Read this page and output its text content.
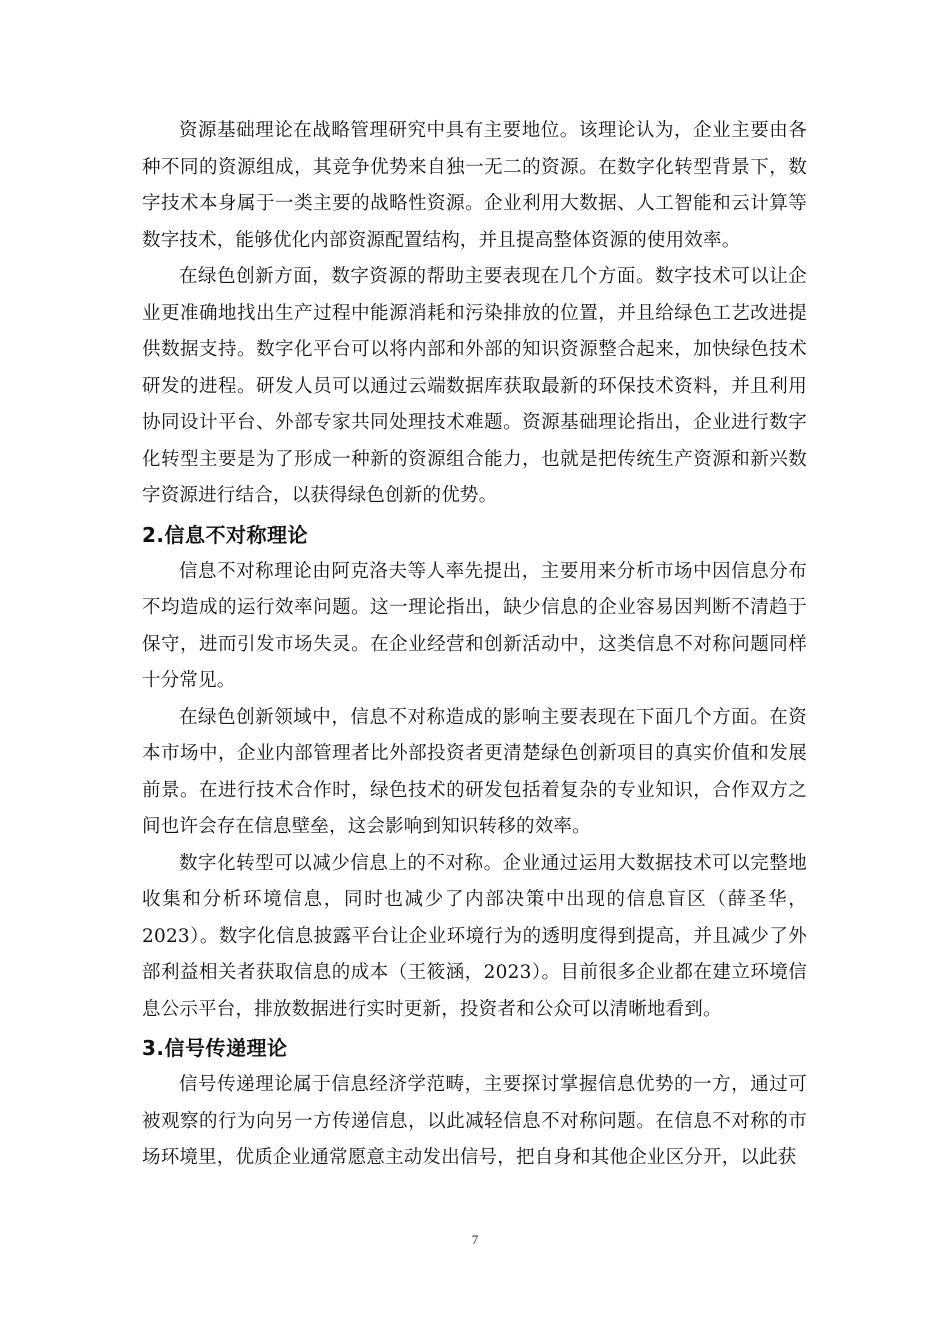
资源基础理论在战略管理研究中具有主要地位。该理论认为，企业主要由各种不同的资源组成，其竞争优势来自独一无二的资源。在数字化转型背景下，数字技术本身属于一类主要的战略性资源。企业利用大数据、人工智能和云计算等数字技术，能够优化内部资源配置结构，并且提高整体资源的使用效率。

在绿色创新方面，数字资源的帮助主要表现在几个方面。数字技术可以让企业更准确地找出生产过程中能源消耗和污染排放的位置，并且给绿色工艺改进提供数据支持。数字化平台可以将内部和外部的知识资源整合起来，加快绿色技术研发的进程。研发人员可以通过云端数据库获取最新的环保技术资料，并且利用协同设计平台、外部专家共同处理技术难题。资源基础理论指出，企业进行数字化转型主要是为了形成一种新的资源组合能力，也就是把传统生产资源和新兴数字资源进行结合，以获得绿色创新的优势。

2.信息不对称理论

信息不对称理论由阿克洛夫等人率先提出，主要用来分析市场中因信息分布不均造成的运行效率问题。这一理论指出，缺少信息的企业容易因判断不清趋于保守，进而引发市场失灵。在企业经营和创新活动中，这类信息不对称问题同样十分常见。

在绿色创新领域中，信息不对称造成的影响主要表现在下面几个方面。在资本市场中，企业内部管理者比外部投资者更清楚绿色创新项目的真实价值和发展前景。在进行技术合作时，绿色技术的研发包括着复杂的专业知识，合作双方之间也许会存在信息壁垒，这会影响到知识转移的效率。

数字化转型可以减少信息上的不对称。企业通过运用大数据技术可以完整地收集和分析环境信息，同时也减少了内部决策中出现的信息盲区（薛圣华，2023）。数字化信息披露平台让企业环境行为的透明度得到提高，并且减少了外部利益相关者获取信息的成本（王筱涵，2023）。目前很多企业都在建立环境信息公示平台，排放数据进行实时更新，投资者和公众可以清晰地看到。

3.信号传递理论

信号传递理论属于信息经济学范畴，主要探讨掌握信息优势的一方，通过可被观察的行为向另一方传递信息，以此减轻信息不对称问题。在信息不对称的市场环境里，优质企业通常愿意主动发出信号，把自身和其他企业区分开，以此获

7
